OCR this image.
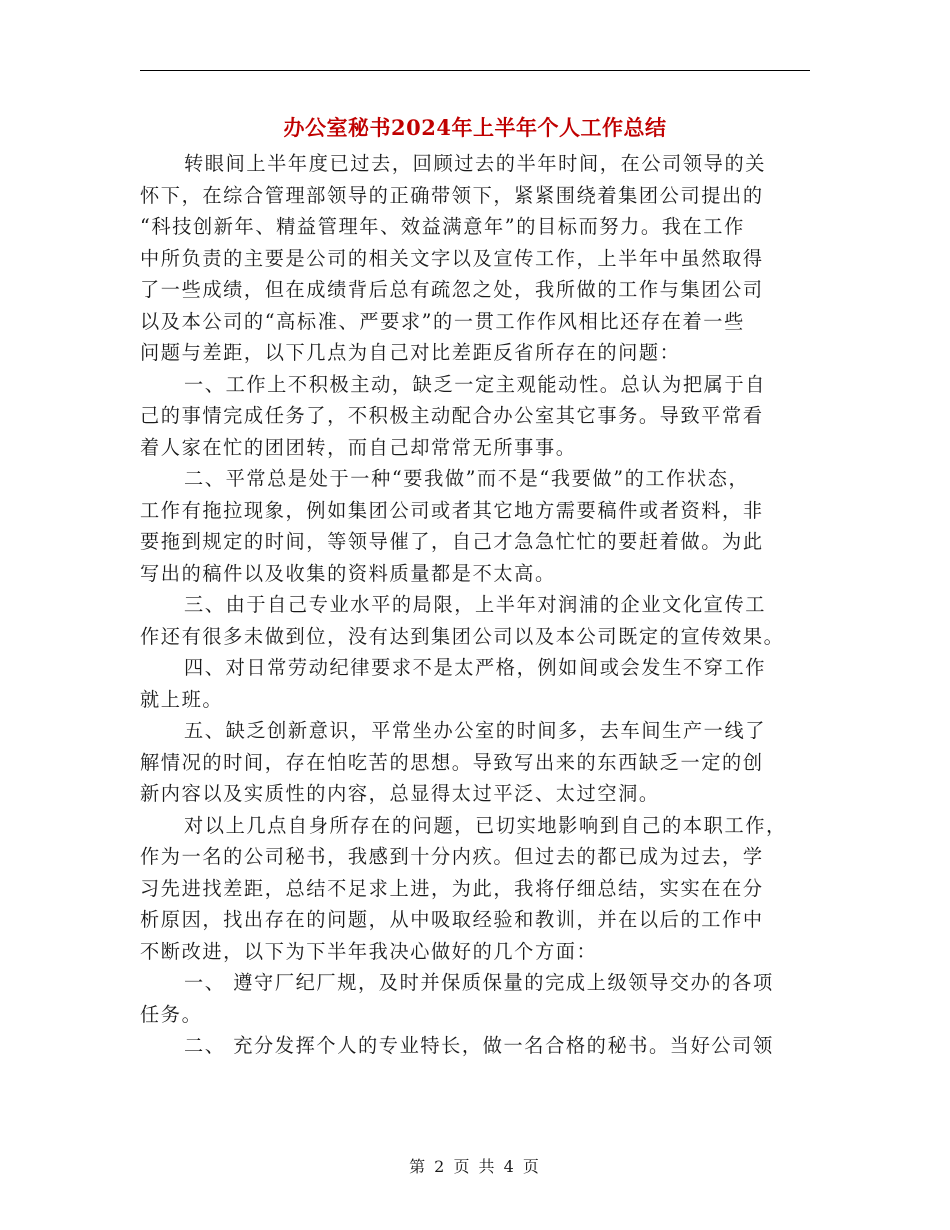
办公室秘书2024年上半年个人工作总结
转眼间上半年度已过去，回顾过去的半年时间，在公司领导的关
怀下，在综合管理部领导的正确带领下，紧紧围绕着集团公司提出的
“科技创新年、精益管理年、效益满意年”的目标而努力。我在工作
中所负责的主要是公司的相关文字以及宣传工作，上半年中虽然取得
了一些成绩，但在成绩背后总有疏忽之处，我所做的工作与集团公司
以及本公司的“高标准、严要求”的一贯工作作风相比还存在着一些
问题与差距，以下几点为自己对比差距反省所存在的问题：
一、工作上不积极主动，缺乏一定主观能动性。总认为把属于自
己的事情完成任务了，不积极主动配合办公室其它事务。导致平常看
着人家在忙的团团转，而自己却常常无所事事。
二、平常总是处于一种“要我做”而不是“我要做”的工作状态，
工作有拖拉现象，例如集团公司或者其它地方需要稿件或者资料，非
要拖到规定的时间，等领导催了，自己才急急忙忙的要赶着做。为此
写出的稿件以及收集的资料质量都是不太高。
三、由于自己专业水平的局限，上半年对润浦的企业文化宣传工
作还有很多未做到位，没有达到集团公司以及本公司既定的宣传效果。
四、对日常劳动纪律要求不是太严格，例如间或会发生不穿工作
就上班。
五、缺乏创新意识，平常坐办公室的时间多，去车间生产一线了
解情况的时间，存在怕吃苦的思想。导致写出来的东西缺乏一定的创
新内容以及实质性的内容，总显得太过平泛、太过空洞。
对以上几点自身所存在的问题，已切实地影响到自己的本职工作，
作为一名的公司秘书，我感到十分内疚。但过去的都已成为过去，学
习先进找差距，总结不足求上进，为此，我将仔细总结，实实在在分
析原因，找出存在的问题，从中吸取经验和教训，并在以后的工作中
不断改进，以下为下半年我决心做好的几个方面：
一、 遵守厂纪厂规，及时并保质保量的完成上级领导交办的各项
任务。
二、 充分发挥个人的专业特长，做一名合格的秘书。当好公司领
第 2 页 共 4 页
